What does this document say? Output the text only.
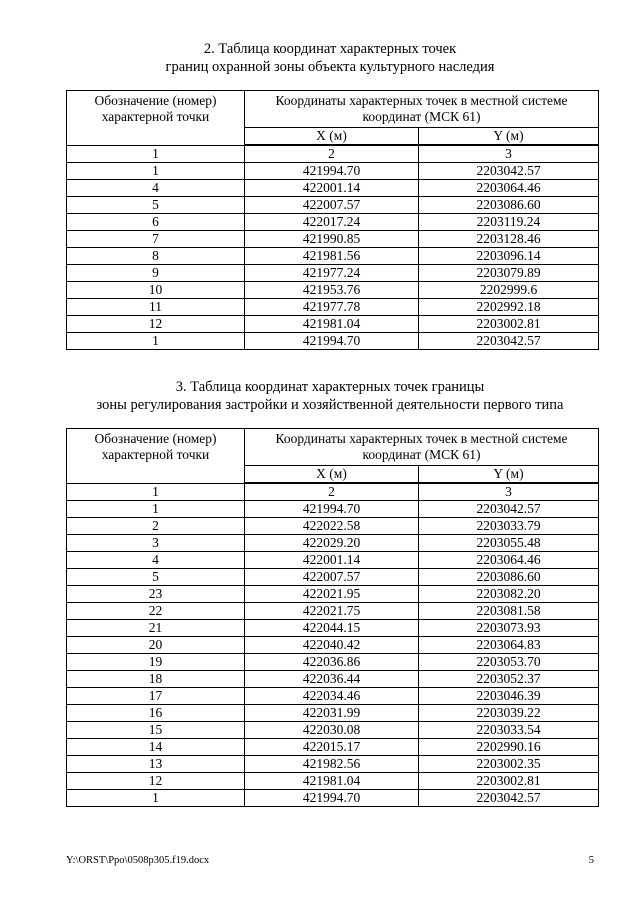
2. Таблица координат характерных точек
границ охранной зоны объекта культурного наследия
Обозначение (номер) характерной точки	Координаты характерных точек в местной системе координат (МСК 61)	
	X (м)	Y (м)
1	2	3
1	421994.70	2203042.57
4	422001.14	2203064.46
5	422007.57	2203086.60
6	422017.24	2203119.24
7	421990.85	2203128.46
8	421981.56	2203096.14
9	421977.24	2203079.89
10	421953.76	2202999.6
11	421977.78	2202992.18
12	421981.04	2203002.81
1	421994.70	2203042.57
3. Таблица координат характерных точек границы
зоны регулирования застройки и хозяйственной деятельности первого типа
Обозначение (номер) характерной точки	Координаты характерных точек в местной системе координат (МСК 61)	
	X (м)	Y (м)
1	2	3
1	421994.70	2203042.57
2	422022.58	2203033.79
3	422029.20	2203055.48
4	422001.14	2203064.46
5	422007.57	2203086.60
23	422021.95	2203082.20
22	422021.75	2203081.58
21	422044.15	2203073.93
20	422040.42	2203064.83
19	422036.86	2203053.70
18	422036.44	2203052.37
17	422034.46	2203046.39
16	422031.99	2203039.22
15	422030.08	2203033.54
14	422015.17	2202990.16
13	421982.56	2203002.35
12	421981.04	2203002.81
1	421994.70	2203042.57
Y:\ORST\Ppo\0508p305.f19.docx	5
